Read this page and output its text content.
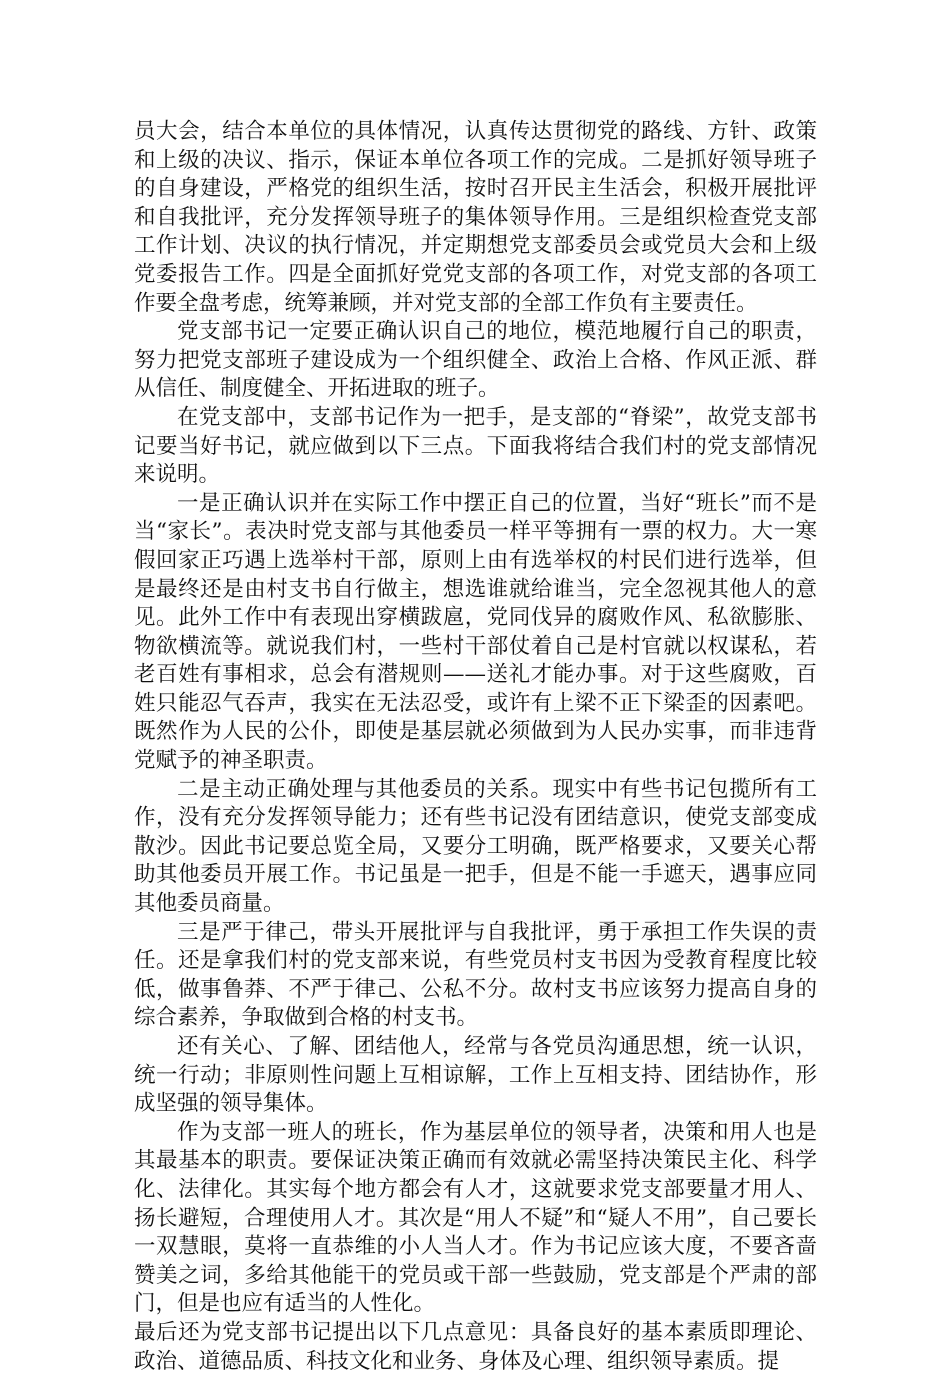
员大会，结合本单位的具体情况，认真传达贯彻党的路线、方针、政策和上级的决议、指示，保证本单位各项工作的完成。二是抓好领导班子的自身建设，严格党的组织生活，按时召开民主生活会，积极开展批评和自我批评，充分发挥领导班子的集体领导作用。三是组织检查党支部工作计划、决议的执行情况，并定期想党支部委员会或党员大会和上级党委报告工作。四是全面抓好党党支部的各项工作，对党支部的各项工作要全盘考虑，统筹兼顾，并对党支部的全部工作负有主要责任。

党支部书记一定要正确认识自己的地位，模范地履行自己的职责，努力把党支部班子建设成为一个组织健全、政治上合格、作风正派、群从信任、制度健全、开拓进取的班子。

在党支部中，支部书记作为一把手，是支部的“脊梁”，故党支部书记要当好书记，就应做到以下三点。下面我将结合我们村的党支部情况来说明。

一是正确认识并在实际工作中摆正自己的位置，当好“班长”而不是当“家长”。表决时党支部与其他委员一样平等拥有一票的权力。大一寒假回家正巧遇上选举村干部，原则上由有选举权的村民们进行选举，但是最终还是由村支书自行做主，想选谁就给谁当，完全忽视其他人的意见。此外工作中有表现出穿横跋扈，党同伐异的腐败作风、私欲膨胀、物欲横流等。就说我们村，一些村干部仗着自己是村官就以权谋私，若老百姓有事相求，总会有潜规则——送礼才能办事。对于这些腐败，百姓只能忍气吞声，我实在无法忍受，或许有上梁不正下梁歪的因素吧。既然作为人民的公仆，即使是基层就必须做到为人民办实事，而非违背党赋予的神圣职责。

二是主动正确处理与其他委员的关系。现实中有些书记包揽所有工作，没有充分发挥领导能力；还有些书记没有团结意识，使党支部变成散沙。因此书记要总览全局，又要分工明确，既严格要求，又要关心帮助其他委员开展工作。书记虽是一把手，但是不能一手遮天，遇事应同其他委员商量。

三是严于律己，带头开展批评与自我批评，勇于承担工作失误的责任。还是拿我们村的党支部来说，有些党员村支书因为受教育程度比较低，做事鲁莽、不严于律己、公私不分。故村支书应该努力提高自身的综合素养，争取做到合格的村支书。

还有关心、了解、团结他人，经常与各党员沟通思想，统一认识，统一行动；非原则性问题上互相谅解，工作上互相支持、团结协作，形成坚强的领导集体。

作为支部一班人的班长，作为基层单位的领导者，决策和用人也是其最基本的职责。要保证决策正确而有效就必需坚持决策民主化、科学化、法律化。其实每个地方都会有人才，这就要求党支部要量才用人、扬长避短，合理使用人才。其次是“用人不疑”和“疑人不用”，自己要长一双慧眼，莫将一直恭维的小人当人才。作为书记应该大度，不要吝啬赞美之词，多给其他能干的党员或干部一些鼓励，党支部是个严肃的部门，但是也应有适当的人性化。

最后还为党支部书记提出以下几点意见：具备良好的基本素质即理论、政治、道德品质、科技文化和业务、身体及心理、组织领导素质。提
